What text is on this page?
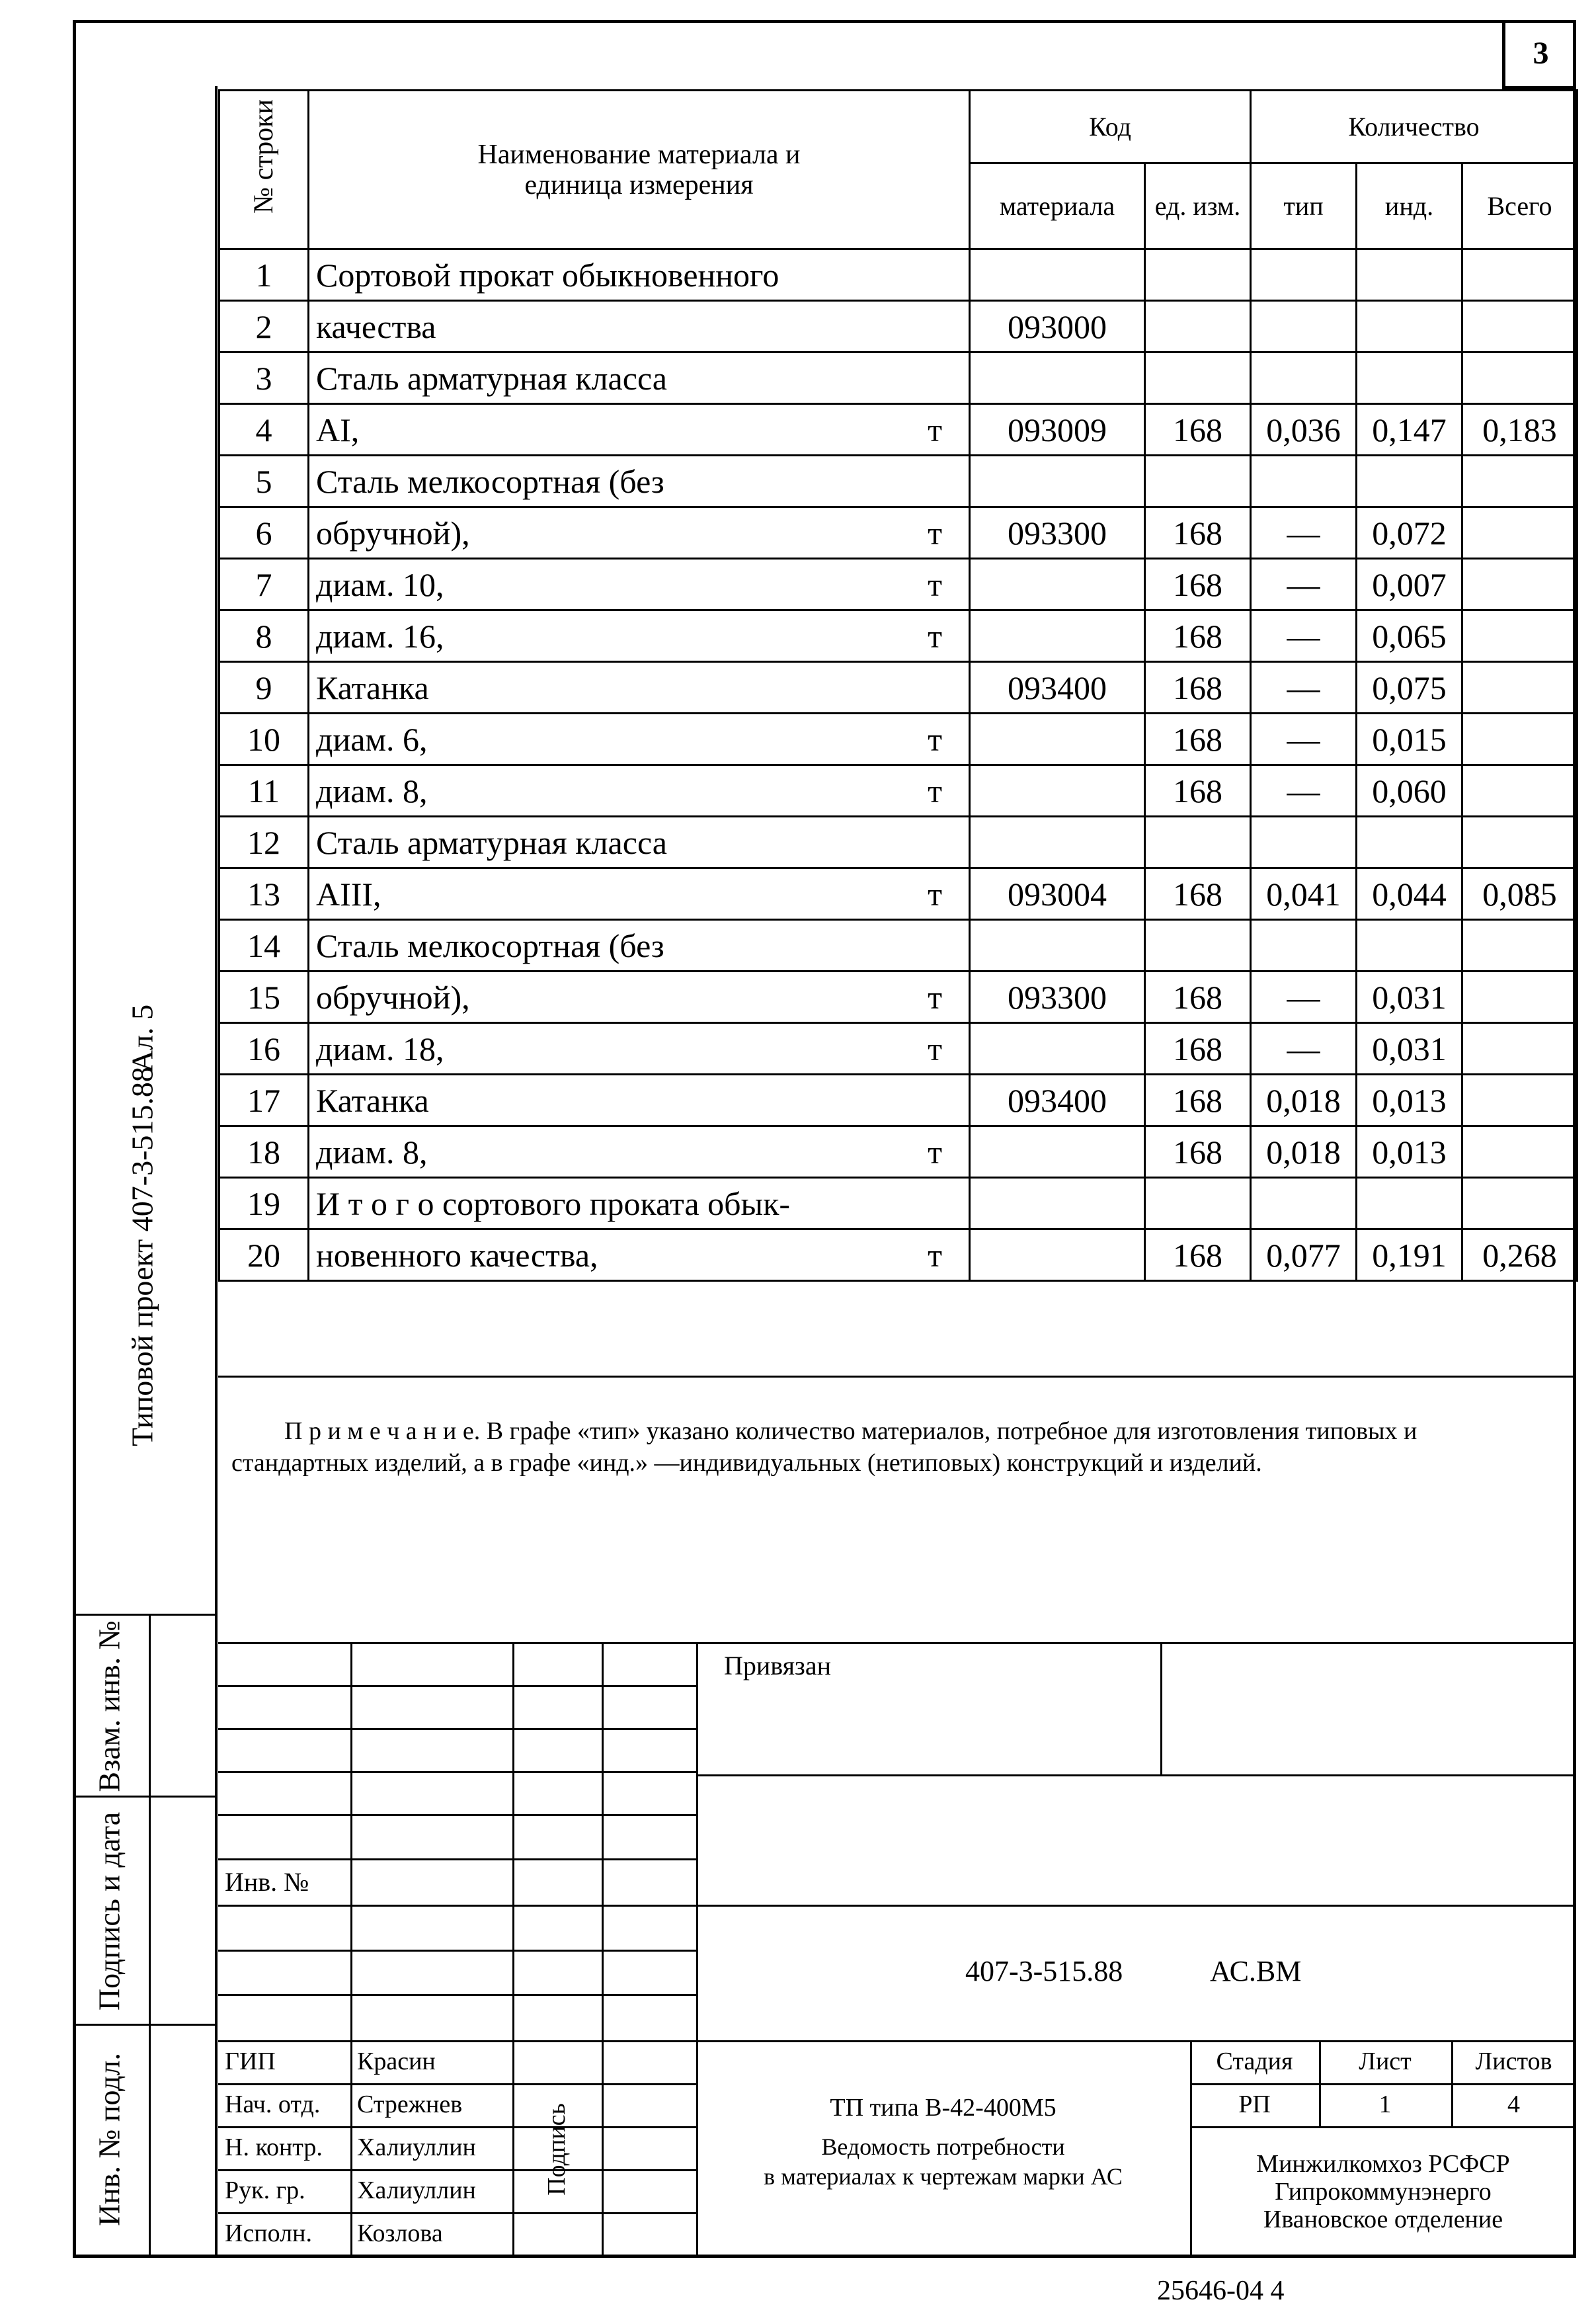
3
Типовой проект 407-3-515.88
Ал. 5
Взам. инв. №
Подпись и дата
Инв. № подл.
№ строки	Наименование материала и единица измерения	Код		Количество		
		материала	ед. изм.	тип	инд.	Всего
1	Сортовой прокат обыкновенного

2	качества	093000				
3	Сталь арматурная класса

4	АI, т	093009	168	0,036	0,147	0,183
5	Сталь мелкосортная (без

6	обручной), т	093300	168	—	0,072	
7	диам. 10, т		168	—	0,007	
8	диам. 16, т		168	—	0,065	
9	Катанка	093400	168	—	0,075	
10	диам. 6, т		168	—	0,015	
11	диам. 8, т		168	—	0,060	
12	Сталь арматурная класса

13	АIII, т	093004	168	0,041	0,044	0,085
14	Сталь мелкосортная (без

15	обручной), т	093300	168	—	0,031	
16	диам. 18, т		168	—	0,031	
17	Катанка	093400	168	0,018	0,013	
18	диам. 8, т		168	0,018	0,013	
19	И т о г о сортового проката обык-

20	новенного качества, т		168	0,077	0,191	0,268
П р и м е ч а н и е. В графе «тип» указано количество материалов, потребное для изготовления типовых и стандартных изделий, а в графе «инд.» —индивидуальных (нетиповых) конструкций и изделий.
Привязан
Инв. №
407-3-515.88	АС.ВМ
ГИП	Красин
Нач. отд. Стрежнев
Н. контр. Халиуллин
Рук. гр. Халиуллин
Исполн. Козлова
Подпись	ТП типа В-42-400М5
Ведомость потребности
в материалах к чертежам марки АС
Стадия	Лист	Листов
РП	1	4
Минжилкомхоз РСФСР
Гипрокоммунэнерго
Ивановское отделение
25646-04 4
